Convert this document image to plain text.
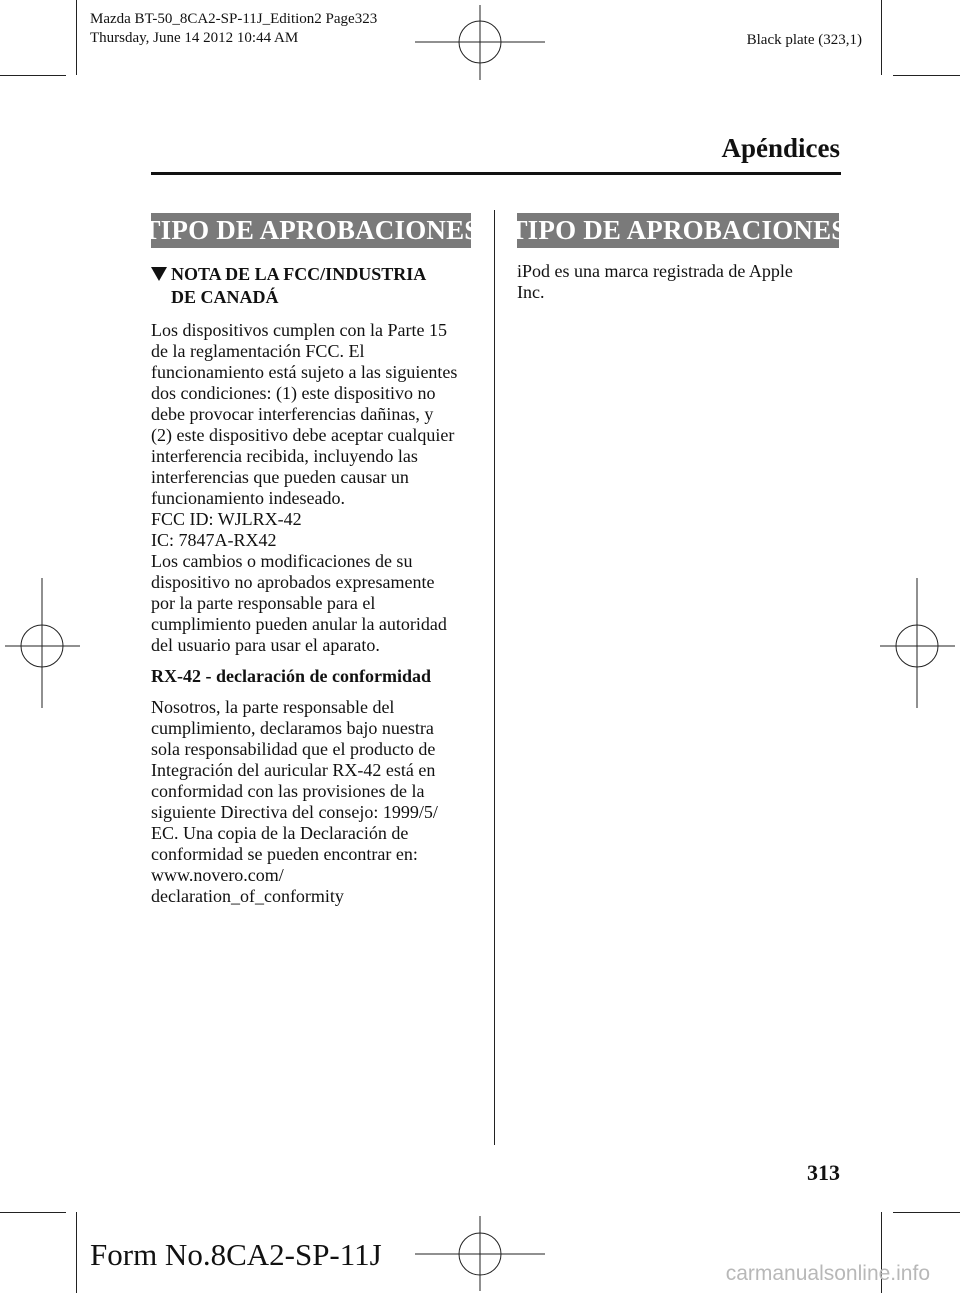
Mazda BT-50_8CA2-SP-11J_Edition2 Page323
Thursday, June 14 2012 10:44 AM	Black plate (323,1)
Apéndices
TIPO DE APROBACIONES
NOTA DE LA FCC/INDUSTRIA
DE CANADÁ
Los dispositivos cumplen con la Parte 15
de la reglamentación FCC. El
funcionamiento está sujeto a las siguientes
dos condiciones: (1) este dispositivo no
debe provocar interferencias dañinas, y
(2) este dispositivo debe aceptar cualquier
interferencia recibida, incluyendo las
interferencias que pueden causar un
funcionamiento indeseado.
FCC ID: WJLRX-42
IC: 7847A-RX42
Los cambios o modificaciones de su
dispositivo no aprobados expresamente
por la parte responsable para el
cumplimiento pueden anular la autoridad
del usuario para usar el aparato.
RX-42 - declaración de conformidad
Nosotros, la parte responsable del
cumplimiento, declaramos bajo nuestra
sola responsabilidad que el producto de
Integración del auricular RX-42 está en
conformidad con las provisiones de la
siguiente Directiva del consejo: 1999/5/
EC. Una copia de la Declaración de
conformidad se pueden encontrar en:
www.novero.com/
declaration_of_conformity
TIPO DE APROBACIONES
iPod es una marca registrada de Apple
Inc.
313
Form No.8CA2-SP-11J
carmanualsonline.info
